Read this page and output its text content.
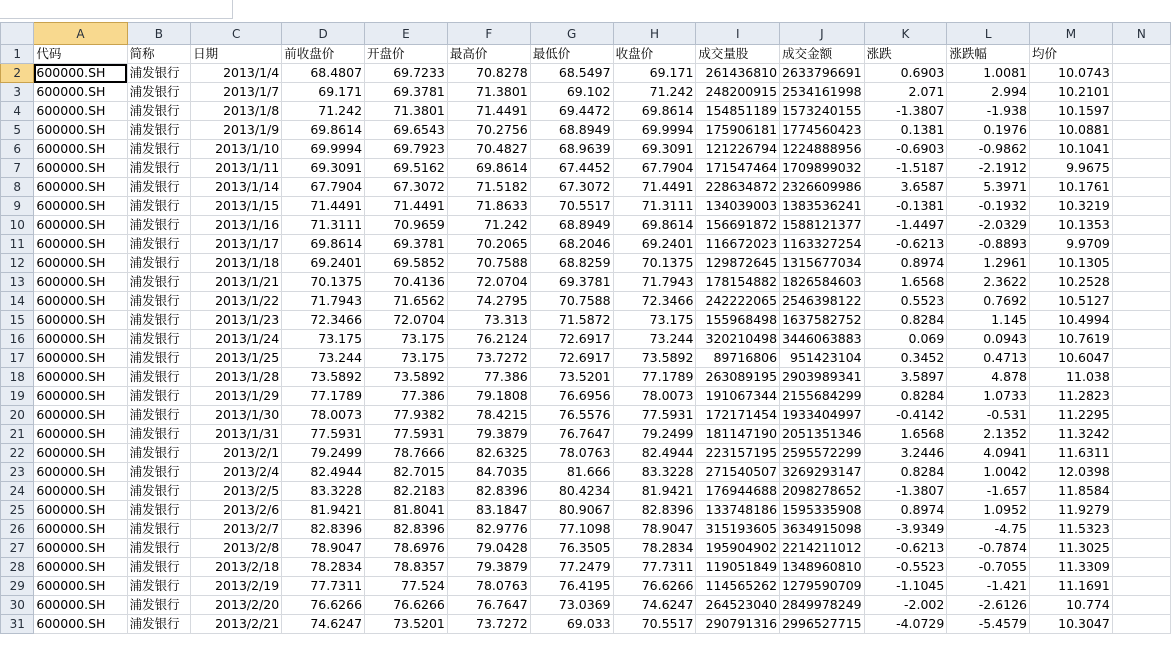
	A	B	C	D	E	F	G	H	I	J	K	L	M	N
1	代码	简称	日期	前收盘价	开盘价	最高价	最低价	收盘价	成交量股	成交金额	涨跌	涨跌幅	均价	
2	600000.SH	浦发银行	2013/1/4	68.4807	69.7233	70.8278	68.5497	69.171	261436810	2633796691	0.6903	1.0081	10.0743	
3	600000.SH	浦发银行	2013/1/7	69.171	69.3781	71.3801	69.102	71.242	248200915	2534161998	2.071	2.994	10.2101	
4	600000.SH	浦发银行	2013/1/8	71.242	71.3801	71.4491	69.4472	69.8614	154851189	1573240155	-1.3807	-1.938	10.1597	
5	600000.SH	浦发银行	2013/1/9	69.8614	69.6543	70.2756	68.8949	69.9994	175906181	1774560423	0.1381	0.1976	10.0881	
6	600000.SH	浦发银行	2013/1/10	69.9994	69.7923	70.4827	68.9639	69.3091	121226794	1224888956	-0.6903	-0.9862	10.1041	
7	600000.SH	浦发银行	2013/1/11	69.3091	69.5162	69.8614	67.4452	67.7904	171547464	1709899032	-1.5187	-2.1912	9.9675	
8	600000.SH	浦发银行	2013/1/14	67.7904	67.3072	71.5182	67.3072	71.4491	228634872	2326609986	3.6587	5.3971	10.1761	
9	600000.SH	浦发银行	2013/1/15	71.4491	71.4491	71.8633	70.5517	71.3111	134039003	1383536241	-0.1381	-0.1932	10.3219	
10	600000.SH	浦发银行	2013/1/16	71.3111	70.9659	71.242	68.8949	69.8614	156691872	1588121377	-1.4497	-2.0329	10.1353	
11	600000.SH	浦发银行	2013/1/17	69.8614	69.3781	70.2065	68.2046	69.2401	116672023	1163327254	-0.6213	-0.8893	9.9709	
12	600000.SH	浦发银行	2013/1/18	69.2401	69.5852	70.7588	68.8259	70.1375	129872645	1315677034	0.8974	1.2961	10.1305	
13	600000.SH	浦发银行	2013/1/21	70.1375	70.4136	72.0704	69.3781	71.7943	178154882	1826584603	1.6568	2.3622	10.2528	
14	600000.SH	浦发银行	2013/1/22	71.7943	71.6562	74.2795	70.7588	72.3466	242222065	2546398122	0.5523	0.7692	10.5127	
15	600000.SH	浦发银行	2013/1/23	72.3466	72.0704	73.313	71.5872	73.175	155968498	1637582752	0.8284	1.145	10.4994	
16	600000.SH	浦发银行	2013/1/24	73.175	73.175	76.2124	72.6917	73.244	320210498	3446063883	0.069	0.0943	10.7619	
17	600000.SH	浦发银行	2013/1/25	73.244	73.175	73.7272	72.6917	73.5892	89716806	951423104	0.3452	0.4713	10.6047	
18	600000.SH	浦发银行	2013/1/28	73.5892	73.5892	77.386	73.5201	77.1789	263089195	2903989341	3.5897	4.878	11.038	
19	600000.SH	浦发银行	2013/1/29	77.1789	77.386	79.1808	76.6956	78.0073	191067344	2155684299	0.8284	1.0733	11.2823	
20	600000.SH	浦发银行	2013/1/30	78.0073	77.9382	78.4215	76.5576	77.5931	172171454	1933404997	-0.4142	-0.531	11.2295	
21	600000.SH	浦发银行	2013/1/31	77.5931	77.5931	79.3879	76.7647	79.2499	181147190	2051351346	1.6568	2.1352	11.3242	
22	600000.SH	浦发银行	2013/2/1	79.2499	78.7666	82.6325	78.0763	82.4944	223157195	2595572299	3.2446	4.0941	11.6311	
23	600000.SH	浦发银行	2013/2/4	82.4944	82.7015	84.7035	81.666	83.3228	271540507	3269293147	0.8284	1.0042	12.0398	
24	600000.SH	浦发银行	2013/2/5	83.3228	82.2183	82.8396	80.4234	81.9421	176944688	2098278652	-1.3807	-1.657	11.8584	
25	600000.SH	浦发银行	2013/2/6	81.9421	81.8041	83.1847	80.9067	82.8396	133748186	1595335908	0.8974	1.0952	11.9279	
26	600000.SH	浦发银行	2013/2/7	82.8396	82.8396	82.9776	77.1098	78.9047	315193605	3634915098	-3.9349	-4.75	11.5323	
27	600000.SH	浦发银行	2013/2/8	78.9047	78.6976	79.0428	76.3505	78.2834	195904902	2214211012	-0.6213	-0.7874	11.3025	
28	600000.SH	浦发银行	2013/2/18	78.2834	78.8357	79.3879	77.2479	77.7311	119051849	1348960810	-0.5523	-0.7055	11.3309	
29	600000.SH	浦发银行	2013/2/19	77.7311	77.524	78.0763	76.4195	76.6266	114565262	1279590709	-1.1045	-1.421	11.1691	
30	600000.SH	浦发银行	2013/2/20	76.6266	76.6266	76.7647	73.0369	74.6247	264523040	2849978249	-2.002	-2.6126	10.774	
31	600000.SH	浦发银行	2013/2/21	74.6247	73.5201	73.7272	69.033	70.5517	290791316	2996527715	-4.0729	-5.4579	10.3047	
